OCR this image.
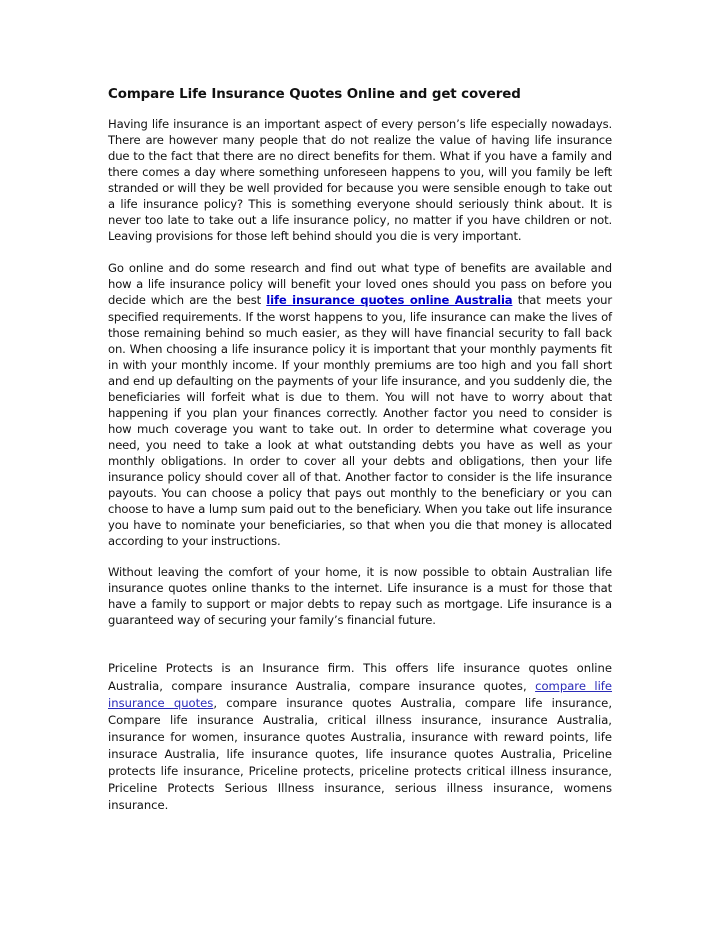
Compare Life Insurance Quotes Online and get covered

Having life insurance is an important aspect of every person’s life especially nowadays. There are however many people that do not realize the value of having life insurance due to the fact that there are no direct benefits for them. What if you have a family and there comes a day where something unforeseen happens to you, will you family be left stranded or will they be well provided for because you were sensible enough to take out a life insurance policy? This is something everyone should seriously think about. It is never too late to take out a life insurance policy, no matter if you have children or not. Leaving provisions for those left behind should you die is very important.

Go online and do some research and find out what type of benefits are available and how a life insurance policy will benefit your loved ones should you pass on before you decide which are the best life insurance quotes online Australia that meets your specified requirements. If the worst happens to you, life insurance can make the lives of those remaining behind so much easier, as they will have financial security to fall back on. When choosing a life insurance policy it is important that your monthly payments fit in with your monthly income. If your monthly premiums are too high and you fall short and end up defaulting on the payments of your life insurance, and you suddenly die, the beneficiaries will forfeit what is due to them. You will not have to worry about that happening if you plan your finances correctly. Another factor you need to consider is how much coverage you want to take out. In order to determine what coverage you need, you need to take a look at what outstanding debts you have as well as your monthly obligations. In order to cover all your debts and obligations, then your life insurance policy should cover all of that. Another factor to consider is the life insurance payouts. You can choose a policy that pays out monthly to the beneficiary or you can choose to have a lump sum paid out to the beneficiary. When you take out life insurance you have to nominate your beneficiaries, so that when you die that money is allocated according to your instructions.

Without leaving the comfort of your home, it is now possible to obtain Australian life insurance quotes online thanks to the internet. Life insurance is a must for those that have a family to support or major debts to repay such as mortgage. Life insurance is a guaranteed way of securing your family’s financial future.

Priceline Protects is an Insurance firm. This offers life insurance quotes online Australia, compare insurance Australia, compare insurance quotes, compare life insurance quotes, compare insurance quotes Australia, compare life insurance, Compare life insurance Australia, critical illness insurance, insurance Australia, insurance for women, insurance quotes Australia, insurance with reward points, life insurace Australia, life insurance quotes, life insurance quotes Australia, Priceline protects life insurance, Priceline protects, priceline protects critical illness insurance, Priceline Protects Serious Illness insurance, serious illness insurance, womens insurance.
